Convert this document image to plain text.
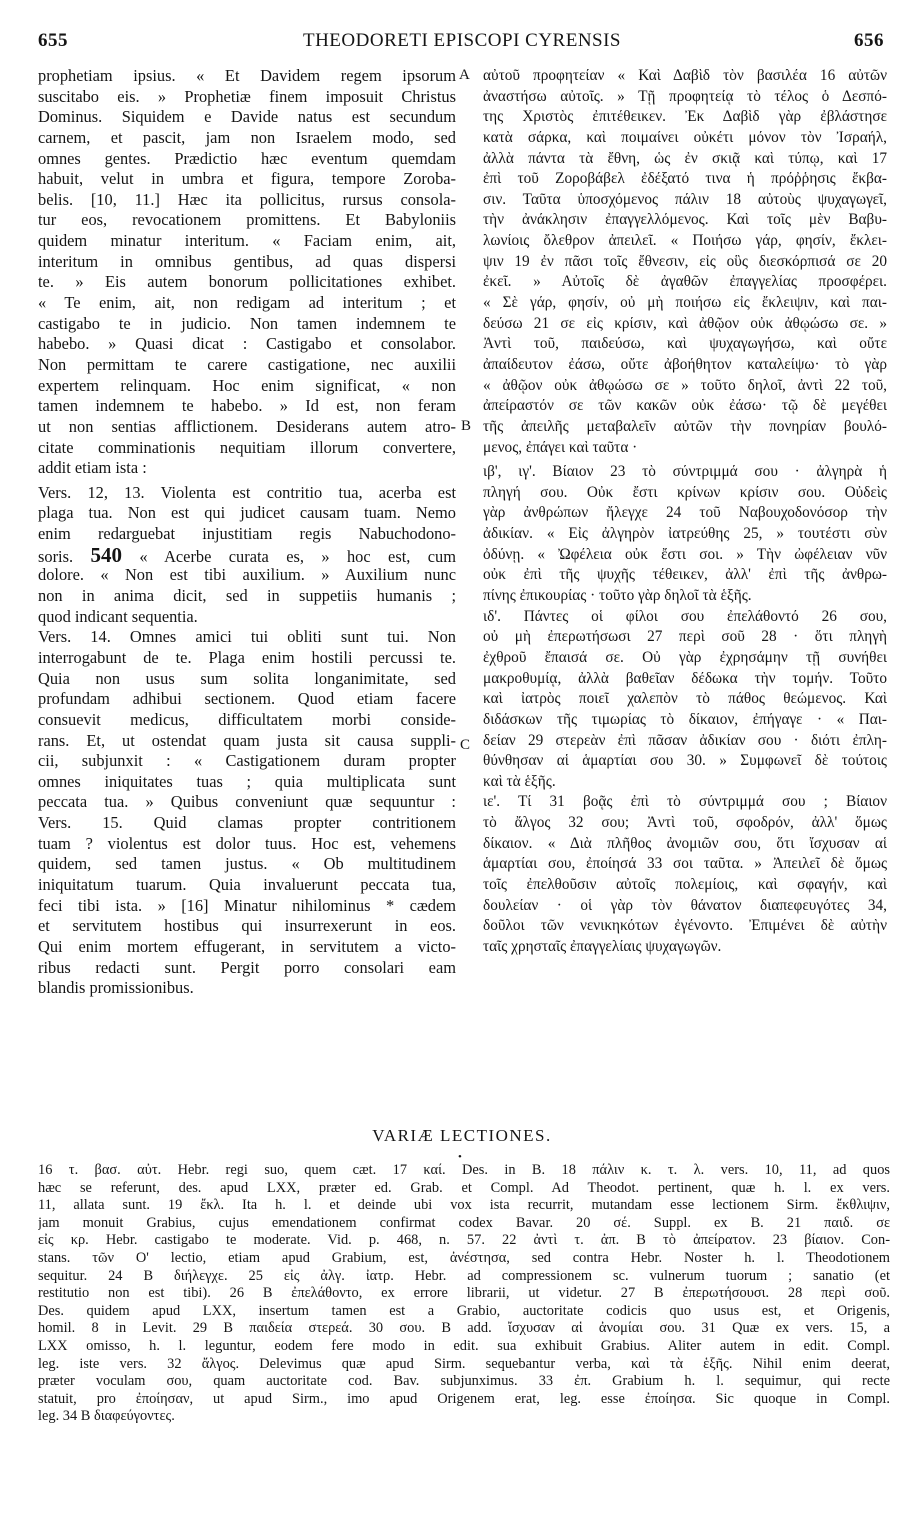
655	THEODORETI EPISCOPI CYRENSIS	656
A
B
C
prophetiam ipsius. « Et Davidem regem ipsorum
suscitabo eis. » Prophetiæ finem imposuit Christus
Dominus. Siquidem e Davide natus est secundum
carnem, et pascit, jam non Israelem modo, sed
omnes gentes. Prædictio hæc eventum quemdam
habuit, velut in umbra et figura, tempore Zoroba-
belis. [10, 11.] Hæc ita pollicitus, rursus consola-
tur eos, revocationem promittens. Et Babyloniis
quidem minatur interitum. « Faciam enim, ait,
interitum in omnibus gentibus, ad quas dispersi
te. » Eis autem bonorum pollicitationes exhibet.
« Te enim, ait, non redigam ad interitum ; et
castigabo te in judicio. Non tamen indemnem te
habebo. » Quasi dicat : Castigabo et consolabor.
Non permittam te carere castigatione, nec auxilii
expertem relinquam. Hoc enim significat, « non
tamen indemnem te habebo. » Id est, non feram
ut non sentias afflictionem. Desiderans autem atro-
citate comminationis nequitiam illorum convertere,
addit etiam ista :
Vers. 12, 13. Violenta est contritio tua, acerba est
plaga tua. Non est qui judicet causam tuam. Nemo
enim redarguebat injustitiam regis Nabuchodono-
soris. 540 « Acerbe curata es, » hoc est, cum
dolore. « Non est tibi auxilium. » Auxilium nunc
non in anima dicit, sed in suppetiis humanis ;
quod indicant sequentia.
Vers. 14. Omnes amici tui obliti sunt tui. Non
interrogabunt de te. Plaga enim hostili percussi te.
Quia non usus sum solita longanimitate, sed
profundam adhibui sectionem. Quod etiam facere
consuevit medicus, difficultatem morbi conside-
rans. Et, ut ostendat quam justa sit causa suppli-
cii, subjunxit : « Castigationem duram propter
omnes iniquitates tuas ; quia multiplicata sunt
peccata tua. » Quibus conveniunt quæ sequuntur :
Vers. 15. Quid clamas propter contritionem
tuam ? violentus est dolor tuus. Hoc est, vehemens
quidem, sed tamen justus. « Ob multitudinem
iniquitatum tuarum. Quia invaluerunt peccata tua,
feci tibi ista. » [16] Minatur nihilominus * cædem
et servitutem hostibus qui insurrexerunt in eos.
Qui enim mortem effugerant, in servitutem a victo-
ribus redacti sunt. Pergit porro consolari eam
blandis promissionibus.
αὐτοῦ προφητείαν « Καὶ Δαβὶδ τὸν βασιλέα 16 αὐτῶν
ἀναστήσω αὐτοῖς. » Τῇ προφητείᾳ τὸ τέλος ὁ Δεσπό-
της Χριστὸς ἐπιτέθεικεν. Ἐκ Δαβὶδ γὰρ ἐβλάστησε
κατὰ σάρκα, καὶ ποιμαίνει οὐκέτι μόνον τὸν Ἰσραήλ,
ἀλλὰ πάντα τὰ ἔθνη, ὡς ἐν σκιᾷ καὶ τύπῳ, καὶ 17
ἐπὶ τοῦ Ζοροβάβελ ἐδέξατό τινα ἡ πρόῤῥησις ἔκβα-
σιν. Ταῦτα ὑποσχόμενος πάλιν 18 αὐτοὺς ψυχαγωγεῖ,
τὴν ἀνάκλησιν ἐπαγγελλόμενος. Καὶ τοῖς μὲν Βαβυ-
λωνίοις ὄλεθρον ἀπειλεῖ. « Ποιήσω γάρ, φησίν, ἔκλει-
ψιν 19 ἐν πᾶσι τοῖς ἔθνεσιν, εἰς οὓς διεσκόρπισά σε 20
ἐκεῖ. » Αὐτοῖς δὲ ἀγαθῶν ἐπαγγελίας προσφέρει.
« Σὲ γάρ, φησίν, οὐ μὴ ποιήσω εἰς ἔκλειψιν, καὶ παι-
δεύσω 21 σε εἰς κρίσιν, καὶ ἀθῷον οὐκ ἀθῳώσω σε. »
Ἀντὶ τοῦ, παιδεύσω, καὶ ψυχαγωγήσω, καὶ οὔτε
ἀπαίδευτον ἐάσω, οὔτε ἀβοήθητον καταλείψω· τὸ γὰρ
« ἀθῷον οὐκ ἀθῳώσω σε » τοῦτο δηλοῖ, ἀντὶ 22 τοῦ,
ἀπείραστόν σε τῶν κακῶν οὐκ ἐάσω· τῷ δὲ μεγέθει
τῆς ἀπειλῆς μεταβαλεῖν αὐτῶν τὴν πονηρίαν βουλό-
μενος, ἐπάγει καὶ ταῦτα ·
ιβ', ιγ'. Βίαιον 23 τὸ σύντριμμά σου · ἀλγηρὰ ἡ
πληγή σου. Οὐκ ἔστι κρίνων κρίσιν σου. Οὐδεὶς
γὰρ ἀνθρώπων ἤλεγχε 24 τοῦ Ναβουχοδονόσορ τὴν
ἀδικίαν. « Εἰς ἀλγηρὸν ἰατρεύθης 25, » τουτέστι σὺν
ὀδύνῃ. « Ὠφέλεια οὐκ ἔστι σοι. » Τὴν ὠφέλειαν νῦν
οὐκ ἐπὶ τῆς ψυχῆς τέθεικεν, ἀλλ' ἐπὶ τῆς ἀνθρω-
πίνης ἐπικουρίας · τοῦτο γὰρ δηλοῖ τὰ ἑξῆς.
ιδ'. Πάντες οἱ φίλοι σου ἐπελάθοντό 26 σου,
οὐ μὴ ἐπερωτήσωσι 27 περὶ σοῦ 28 · ὅτι πληγὴ
ἐχθροῦ ἔπαισά σε. Οὐ γὰρ ἐχρησάμην τῇ συνήθει
μακροθυμίᾳ, ἀλλὰ βαθεῖαν δέδωκα τὴν τομήν. Τοῦτο
καὶ ἰατρὸς ποιεῖ χαλεπὸν τὸ πάθος θεώμενος. Καὶ
διδάσκων τῆς τιμωρίας τὸ δίκαιον, ἐπήγαγε · « Παι-
δείαν 29 στερεὰν ἐπὶ πᾶσαν ἀδικίαν σου · διότι ἐπλη-
θύνθησαν αἱ ἁμαρτίαι σου 30. » Συμφωνεῖ δὲ τούτοις
καὶ τὰ ἑξῆς.
ιε'. Τί 31 βοᾷς ἐπὶ τὸ σύντριμμά σου ; Βίαιον
τὸ ἄλγος 32 σου; Ἀντὶ τοῦ, σφοδρόν, ἀλλ' ὅμως
δίκαιον. « Διὰ πλῆθος ἀνομιῶν σου, ὅτι ἴσχυσαν αἱ
ἁμαρτίαι σου, ἐποίησά 33 σοι ταῦτα. » Ἀπειλεῖ δὲ ὅμως
τοῖς ἐπελθοῦσιν αὐτοῖς πολεμίοις, καὶ σφαγήν, καὶ
δουλείαν · οἱ γὰρ τὸν θάνατον διαπεφευγότες 34,
δοῦλοι τῶν νενικηκότων ἐγένοντο. Ἐπιμένει δὲ αὐτὴν
ταῖς χρησταῖς ἐπαγγελίαις ψυχαγωγῶν.
VARIÆ LECTIONES.
•
16 τ. βασ. αὐτ. Hebr. regi suo, quem cæt. 17 καί. Des. in B. 18 πάλιν κ. τ. λ. vers. 10, 11, ad quos
hæc se referunt, des. apud LXX, præter ed. Grab. et Compl. Ad Theodot. pertinent, quæ h. l. ex vers.
11, allata sunt. 19 ἔκλ. Ita h. l. et deinde ubi vox ista recurrit, mutandam esse lectionem Sirm. ἔκθλιψιν,
jam monuit Grabius, cujus emendationem confirmat codex Bavar. 20 σέ. Suppl. ex B. 21 παιδ. σε
εἰς κρ. Hebr. castigabo te moderate. Vid. p. 468, n. 57. 22 ἀντὶ τ. ἀπ. B τὸ ἀπείρατον. 23 βίαιον. Con-
stans. τῶν O' lectio, etiam apud Grabium, est, ἀνέστησα, sed contra Hebr. Noster h. l. Theodotionem
sequitur. 24 B διήλεγχε. 25 εἰς ἀλγ. ἰατρ. Hebr. ad compressionem sc. vulnerum tuorum ; sanatio (et
restitutio non est tibi). 26 B ἐπελάθοντο, ex errore librarii, ut videtur. 27 B ἐπερωτήσουσι. 28 περὶ σοῦ.
Des. quidem apud LXX, insertum tamen est a Grabio, auctoritate codicis quo usus est, et Origenis,
homil. 8 in Levit. 29 B παιδεία στερεά. 30 σου. B add. ἴσχυσαν αἱ ἀνομίαι σου. 31 Quæ ex vers. 15, a
LXX omisso, h. l. leguntur, eodem fere modo in edit. sua exhibuit Grabius. Aliter autem in edit. Compl.
leg. iste vers. 32 ἄλγος. Delevimus quæ apud Sirm. sequebantur verba, καὶ τὰ ἑξῆς. Nihil enim deerat,
præter voculam σου, quam auctoritate cod. Bav. subjunximus. 33 ἐπ. Grabium h. l. sequimur, qui recte
statuit, pro ἐποίησαν, ut apud Sirm., imo apud Origenem erat, leg. esse ἐποίησα. Sic quoque in Compl.
leg. 34 B διαφεύγοντες.
